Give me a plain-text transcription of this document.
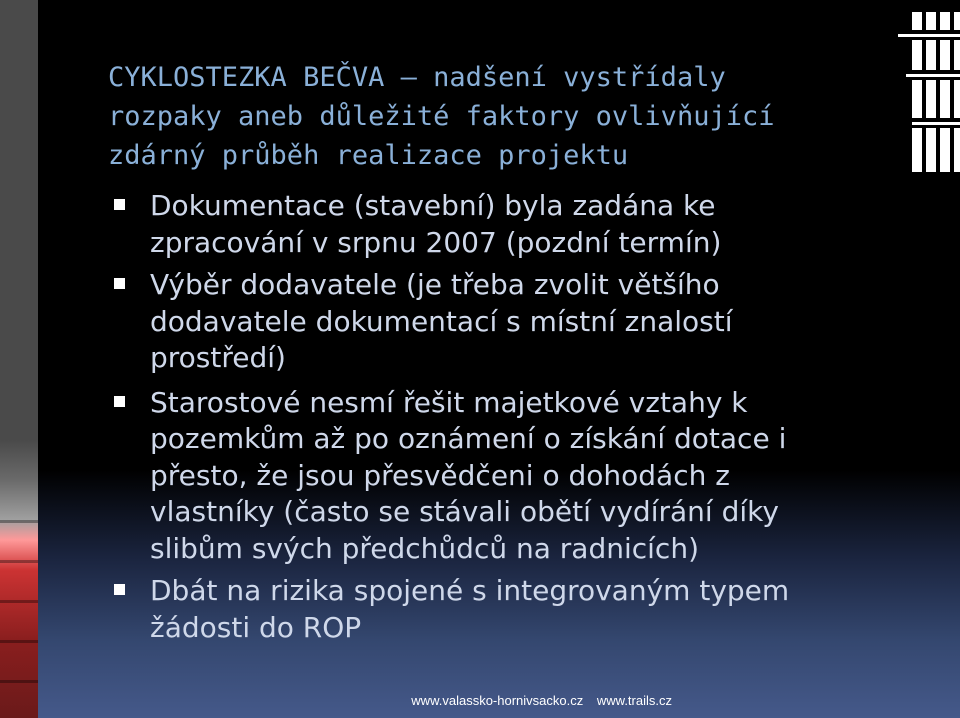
CYKLOSTEZKA BEČVA – nadšení vystřídaly
rozpaky aneb důležité faktory ovlivňující
zdárný průběh realizace projektu
Dokumentace (stavební) byla zadána ke
zpracování v srpnu 2007 (pozdní termín)
Výběr dodavatele (je třeba zvolit většího
dodavatele dokumentací s místní znalostí
prostředí)
Starostové nesmí řešit majetkové vztahy k
pozemkům až po oznámení o získání dotace i
přesto, že jsou přesvědčeni o dohodách z
vlastníky (často se stávali obětí vydírání díky
slibům svých předchůdců na radnicích)
Dbát na rizika spojené s integrovaným typem
žádosti do ROP
www.valassko-hornivsacko.cz www.trails.cz
